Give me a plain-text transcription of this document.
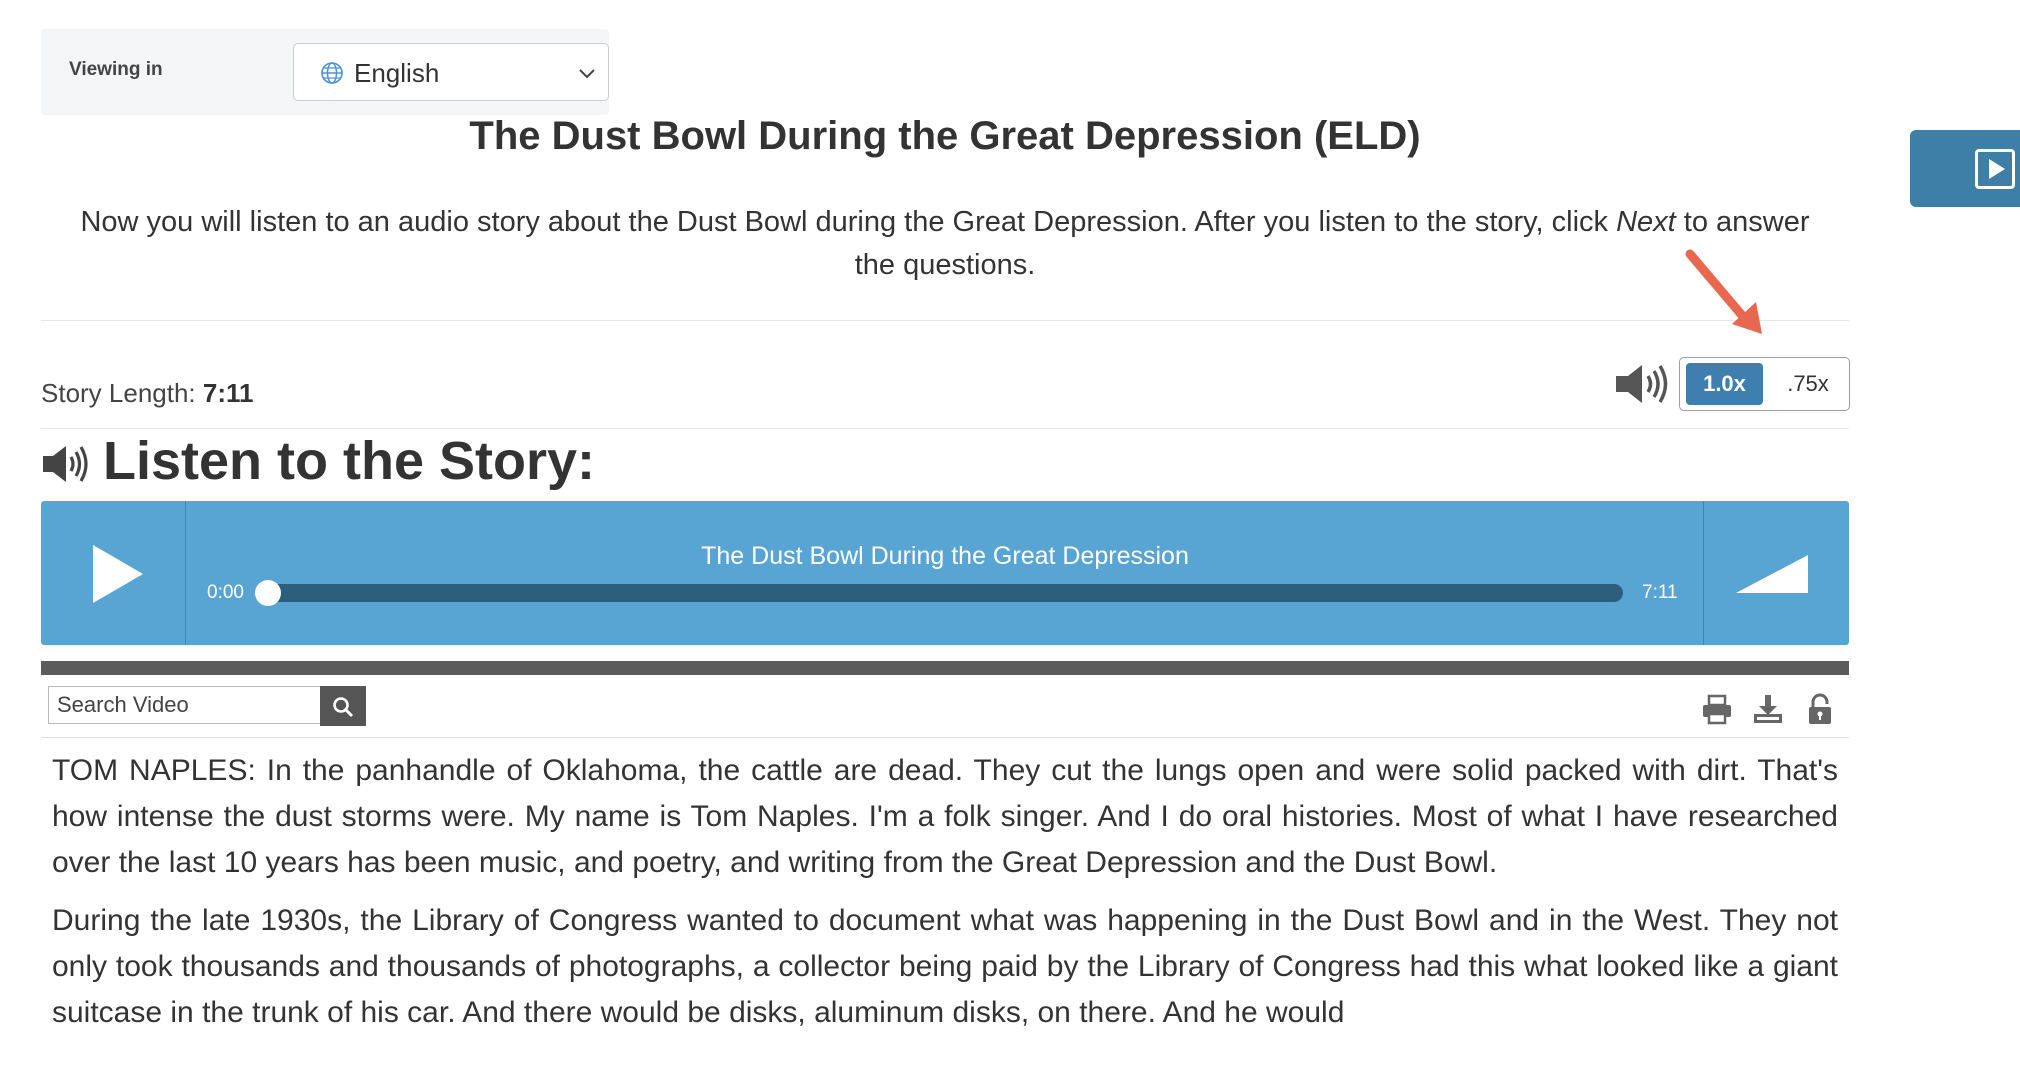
Viewing in	English
The Dust Bowl During the Great Depression (ELD)

Now you will listen to an audio story about the Dust Bowl during the Great Depression. After you listen to the story, click Next to answer the questions.

Story Length: 7:11	1.0x	.75x
Listen to the Story:
The Dust Bowl During the Great Depression
0:00	7:11
Search Video

TOM NAPLES: In the panhandle of Oklahoma, the cattle are dead. They cut the lungs open and were solid packed with dirt. That's how intense the dust storms were. My name is Tom Naples. I'm a folk singer. And I do oral histories. Most of what I have researched over the last 10 years has been music, and poetry, and writing from the Great Depression and the Dust Bowl.

During the late 1930s, the Library of Congress wanted to document what was happening in the Dust Bowl and in the West. They not only took thousands and thousands of photographs, a collector being paid by the Library of Congress had this what looked like a giant suitcase in the trunk of his car. And there would be disks, aluminum disks, on there. And he would
